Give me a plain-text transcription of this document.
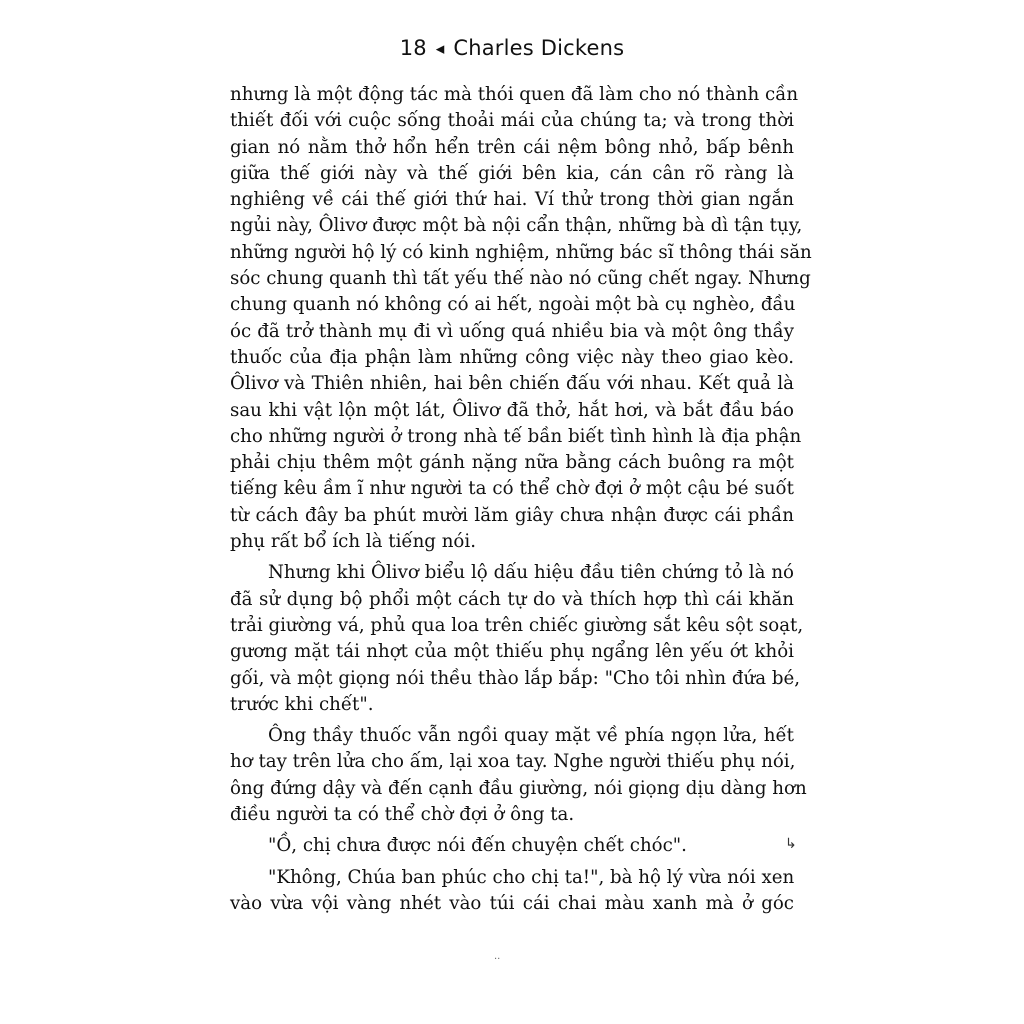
18 ◂ Charles Dickens
nhưng là một động tác mà thói quen đã làm cho nó thành cần
thiết đối với cuộc sống thoải mái của chúng ta; và trong thời
gian nó nằm thở hổn hển trên cái nệm bông nhỏ, bấp bênh
giữa thế giới này và thế giới bên kia, cán cân rõ ràng là
nghiêng về cái thế giới thứ hai. Ví thử trong thời gian ngắn
ngủi này, Ôlivơ được một bà nội cẩn thận, những bà dì tận tụy,
những người hộ lý có kinh nghiệm, những bác sĩ thông thái săn
sóc chung quanh thì tất yếu thế nào nó cũng chết ngay. Nhưng
chung quanh nó không có ai hết, ngoài một bà cụ nghèo, đầu
óc đã trở thành mụ đi vì uống quá nhiều bia và một ông thầy
thuốc của địa phận làm những công việc này theo giao kèo.
Ôlivơ và Thiên nhiên, hai bên chiến đấu với nhau. Kết quả là
sau khi vật lộn một lát, Ôlivơ đã thở, hắt hơi, và bắt đầu báo
cho những người ở trong nhà tế bần biết tình hình là địa phận
phải chịu thêm một gánh nặng nữa bằng cách buông ra một
tiếng kêu ầm ĩ như người ta có thể chờ đợi ở một cậu bé suốt
từ cách đây ba phút mười lăm giây chưa nhận được cái phần
phụ rất bổ ích là tiếng nói.
Nhưng khi Ôlivơ biểu lộ dấu hiệu đầu tiên chứng tỏ là nó
đã sử dụng bộ phổi một cách tự do và thích hợp thì cái khăn
trải giường vá, phủ qua loa trên chiếc giường sắt kêu sột soạt,
gương mặt tái nhợt của một thiếu phụ ngẩng lên yếu ớt khỏi
gối, và một giọng nói thều thào lắp bắp: "Cho tôi nhìn đứa bé,
trước khi chết".
Ông thầy thuốc vẫn ngồi quay mặt về phía ngọn lửa, hết
hơ tay trên lửa cho ấm, lại xoa tay. Nghe người thiếu phụ nói,
ông đứng dậy và đến cạnh đầu giường, nói giọng dịu dàng hơn
điều người ta có thể chờ đợi ở ông ta.
"Ồ, chị chưa được nói đến chuyện chết chóc".
"Không, Chúa ban phúc cho chị ta!", bà hộ lý vừa nói xen
vào vừa vội vàng nhét vào túi cái chai màu xanh mà ở góc
↳
··
